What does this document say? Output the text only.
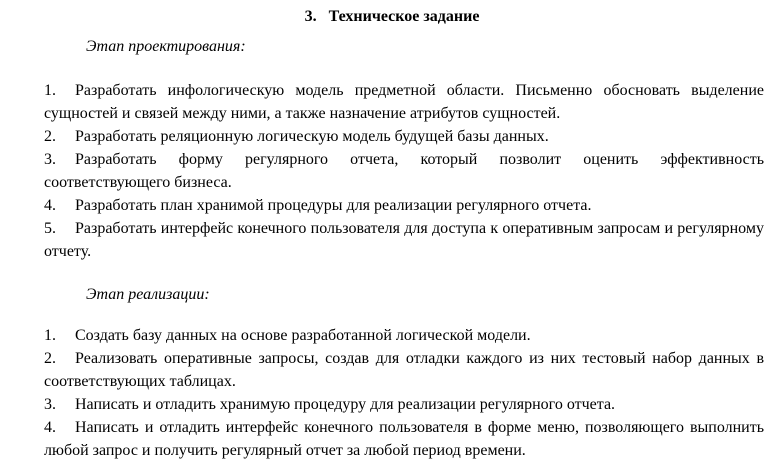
3. Техническое задание
Этап проектирования:
1. Разработать инфологическую модель предметной области. Письменно обосновать выделение сущностей и связей между ними, а также назначение атрибутов сущностей.
2. Разработать реляционную логическую модель будущей базы данных.
3. Разработать форму регулярного отчета, который позволит оценить эффективность соответствующего бизнеса.
4. Разработать план хранимой процедуры для реализации регулярного отчета.
5. Разработать интерфейс конечного пользователя для доступа к оперативным запросам и регулярному отчету.
Этап реализации:
1. Создать базу данных на основе разработанной логической модели.
2. Реализовать оперативные запросы, создав для отладки каждого из них тестовый набор данных в соответствующих таблицах.
3. Написать и отладить хранимую процедуру для реализации регулярного отчета.
4. Написать и отладить интерфейс конечного пользователя в форме меню, позволяющего выполнить любой запрос и получить регулярный отчет за любой период времени.
